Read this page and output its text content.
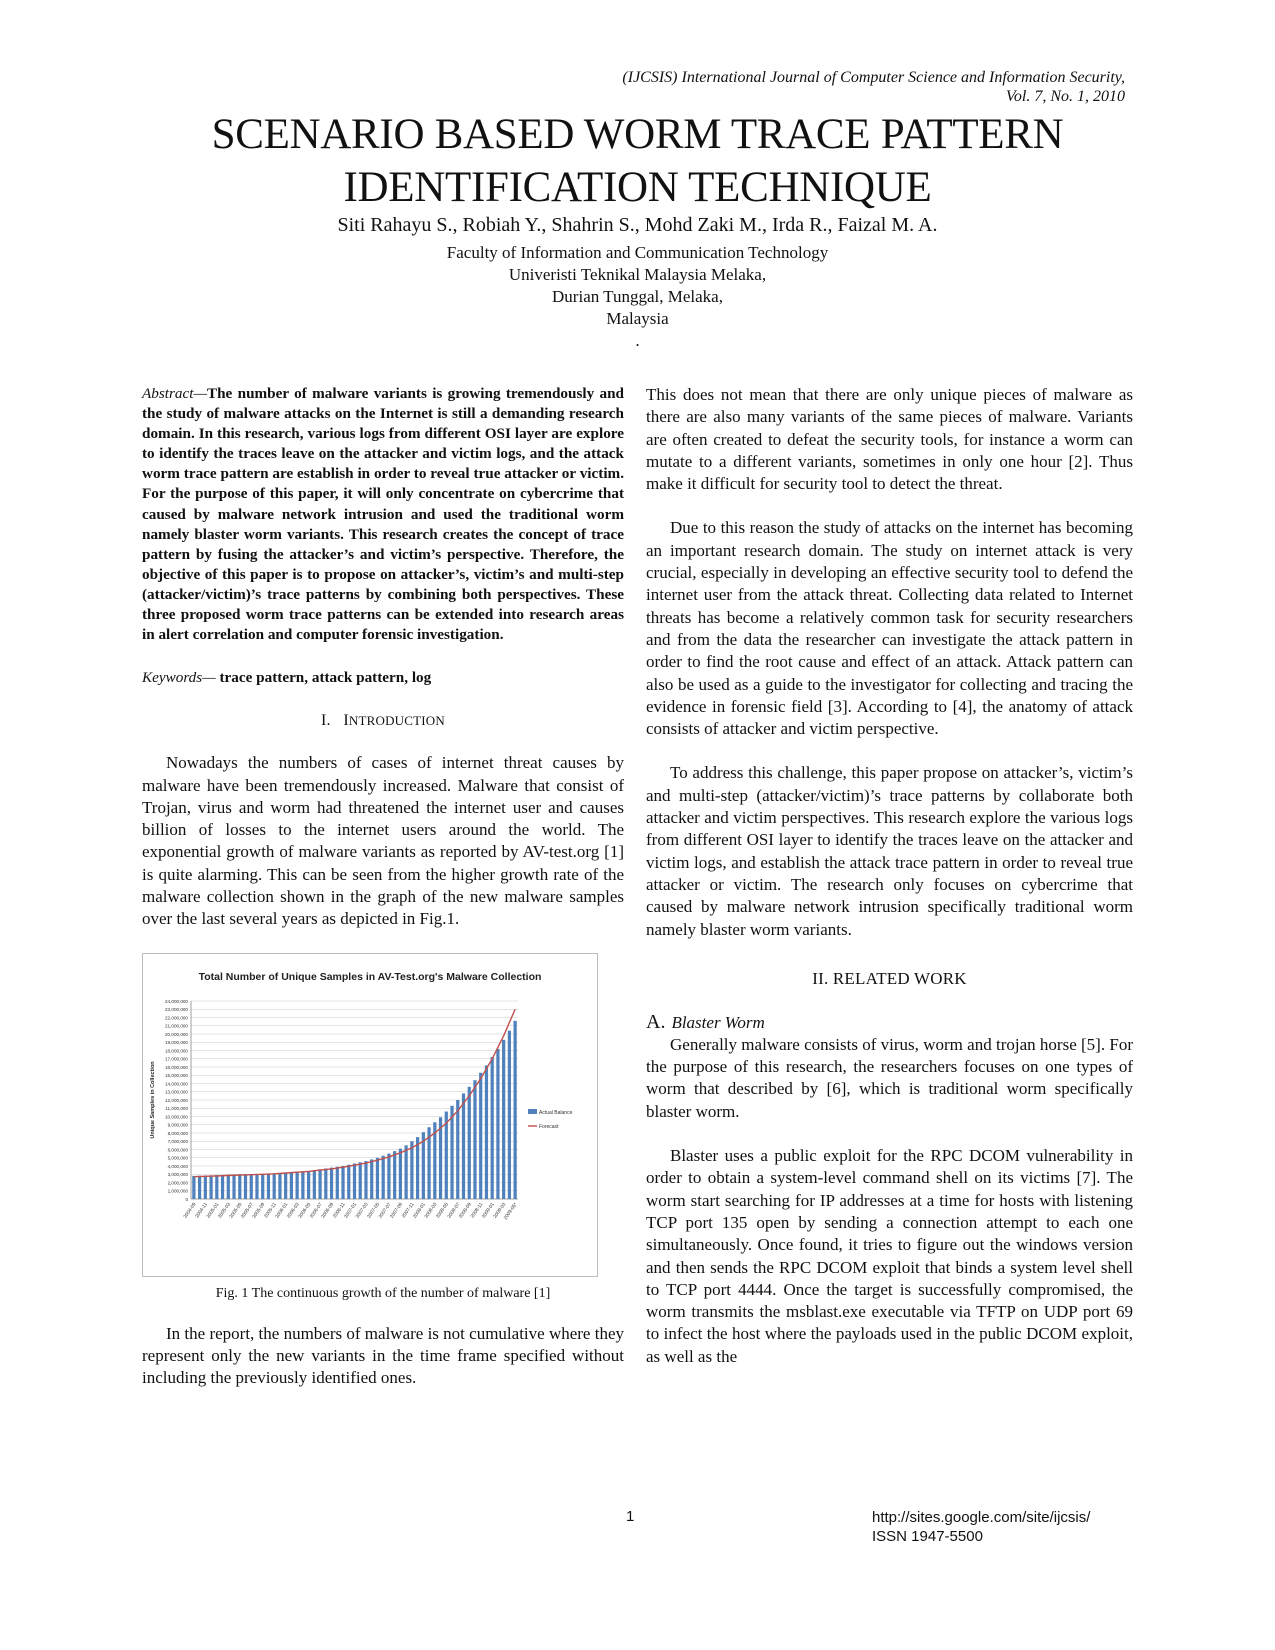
(IJCSIS) International Journal of Computer Science and Information Security,
Vol. 7, No. 1, 2010
SCENARIO BASED WORM TRACE PATTERN
IDENTIFICATION TECHNIQUE
Siti Rahayu S., Robiah Y., Shahrin S., Mohd Zaki M., Irda R., Faizal M. A.
Faculty of Information and Communication Technology
Univeristi Teknikal Malaysia Melaka,
Durian Tunggal, Melaka,
Malaysia
.

Abstract—The number of malware variants is growing tremendously and the study of malware attacks on the Internet is still a demanding research domain. In this research, various logs from different OSI layer are explore to identify the traces leave on the attacker and victim logs, and the attack worm trace pattern are establish in order to reveal true attacker or victim. For the purpose of this paper, it will only concentrate on cybercrime that caused by malware network intrusion and used the traditional worm namely blaster worm variants. This research creates the concept of trace pattern by fusing the attacker’s and victim’s perspective. Therefore, the objective of this paper is to propose on attacker’s, victim’s and multi-step (attacker/victim)’s trace patterns by combining both perspectives. These three proposed worm trace patterns can be extended into research areas in alert correlation and computer forensic investigation.

Keywords— trace pattern, attack pattern, log

I. INTRODUCTION

Nowadays the numbers of cases of internet threat causes by malware have been tremendously increased. Malware that consist of Trojan, virus and worm had threatened the internet user and causes billion of losses to the internet users around the world. The exponential growth of malware variants as reported by AV-test.org [1] is quite alarming. This can be seen from the higher growth rate of the malware collection shown in the graph of the new malware samples over the last several years as depicted in Fig.1.

Total Number of Unique Samples in AV-Test.org's Malware Collection
Unique Samples in Collection
0
1,000,000
2,000,000
3,000,000
4,000,000
5,000,000
6,000,000
7,000,000
8,000,000
9,000,000
10,000,000
11,000,000
12,000,000
13,000,000
14,000,000
15,000,000
16,000,000
17,000,000
18,000,000
19,000,000
20,000,000
21,000,000
22,000,000
23,000,000
24,000,000
2004-09
2004-11
2005-01
2005-03
2005-05
2005-07
2005-09
2005-11
2006-01
2006-03
2006-05
2006-07
2006-09
2006-11
2007-01
2007-03
2007-05
2007-07
2007-09
2007-11
2008-01
2008-03
2008-05
2008-07
2008-09
2008-11
2009-01
2009-03
2009-05*
Actual Balance
Forecast
Fig. 1 The continuous growth of the number of malware [1]

In the report, the numbers of malware is not cumulative where they represent only the new variants in the time frame specified without including the previously identified ones.

This does not mean that there are only unique pieces of malware as there are also many variants of the same pieces of malware. Variants are often created to defeat the security tools, for instance a worm can mutate to a different variants, sometimes in only one hour [2]. Thus make it difficult for security tool to detect the threat.

Due to this reason the study of attacks on the internet has becoming an important research domain. The study on internet attack is very crucial, especially in developing an effective security tool to defend the internet user from the attack threat. Collecting data related to Internet threats has become a relatively common task for security researchers and from the data the researcher can investigate the attack pattern in order to find the root cause and effect of an attack. Attack pattern can also be used as a guide to the investigator for collecting and tracing the evidence in forensic field [3]. According to [4], the anatomy of attack consists of attacker and victim perspective.

To address this challenge, this paper propose on attacker’s, victim’s and multi-step (attacker/victim)’s trace patterns by collaborate both attacker and victim perspectives. This research explore the various logs from different OSI layer to identify the traces leave on the attacker and victim logs, and establish the attack trace pattern in order to reveal true attacker or victim. The research only focuses on cybercrime that caused by malware network intrusion specifically traditional worm namely blaster worm variants.

II. RELATED WORK
A. Blaster Worm

Generally malware consists of virus, worm and trojan horse [5]. For the purpose of this research, the researchers focuses on one types of worm that described by [6], which is traditional worm specifically blaster worm.

Blaster uses a public exploit for the RPC DCOM vulnerability in order to obtain a system-level command shell on its victims [7]. The worm start searching for IP addresses at a time for hosts with listening TCP port 135 open by sending a connection attempt to each one simultaneously. Once found, it tries to figure out the windows version and then sends the RPC DCOM exploit that binds a system level shell to TCP port 4444. Once the target is successfully compromised, the worm transmits the msblast.exe executable via TFTP on UDP port 69 to infect the host where the payloads used in the public DCOM exploit, as well as the

1	http://sites.google.com/site/ijcsis/
ISSN 1947-5500
